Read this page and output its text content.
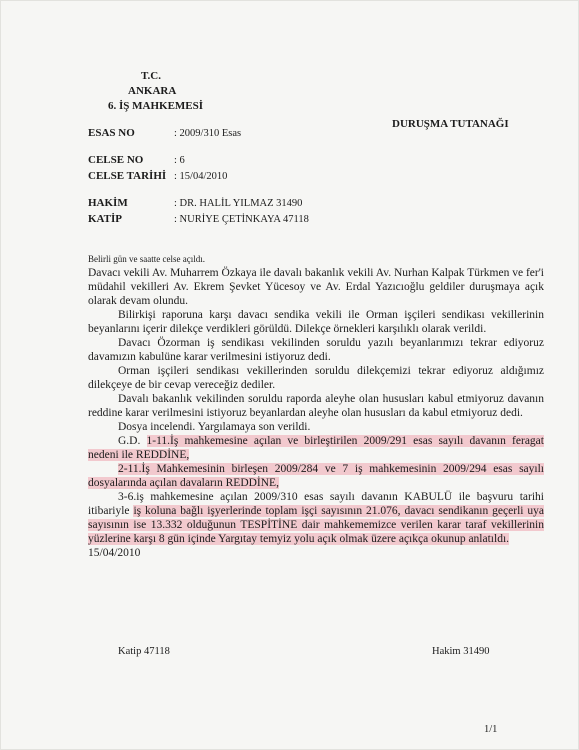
T.C.
ANKARA
6. İŞ MAHKEMESİ
DURUŞMA TUTANAĞI
ESAS NO	: 2009/310 Esas
CELSE NO	: 6
CELSE TARİHİ : 15/04/2010
HAKİM	: DR. HALİL YILMAZ 31490
KATİP	: NURİYE ÇETİNKAYA 47118

Belirli gün ve saatte celse açıldı.

Davacı vekili Av. Muharrem Özkaya ile davalı bakanlık vekili Av. Nurhan Kalpak Türkmen ve fer'i müdahil vekilleri Av. Ekrem Şevket Yücesoy ve Av. Erdal Yazıcıoğlu geldiler duruşmaya açık olarak devam olundu.

Bilirkişi raporuna karşı davacı sendika vekili ile Orman işçileri sendikası vekillerinin beyanlarını içerir dilekçe verdikleri görüldü. Dilekçe örnekleri karşılıklı olarak verildi.

Davacı Özorman iş sendikası vekilinden soruldu yazılı beyanlarımızı tekrar ediyoruz davamızın kabulüne karar verilmesini istiyoruz dedi.

Orman işçileri sendikası vekillerinden soruldu dilekçemizi tekrar ediyoruz aldığımız dilekçeye de bir cevap vereceğiz dediler.

Davalı bakanlık vekilinden soruldu raporda aleyhe olan hususları kabul etmiyoruz davanın reddine karar verilmesini istiyoruz beyanlardan aleyhe olan hususları da kabul etmiyoruz dedi.

Dosya incelendi. Yargılamaya son verildi.

G.D. 1-11.İş mahkemesine açılan ve birleştirilen 2009/291 esas sayılı davanın feragat nedeni ile REDDİNE,

2-11.İş Mahkemesinin birleşen 2009/284 ve 7 iş mahkemesinin 2009/294 esas sayılı dosyalarında açılan davaların REDDİNE,

3-6.iş mahkemesine açılan 2009/310 esas sayılı davanın KABULÜ ile başvuru tarihi itibariyle iş koluna bağlı işyerlerinde toplam işçi sayısının 21.076, davacı sendikanın geçerli uya sayısının ise 13.332 olduğunun TESPİTİNE dair mahkememizce verilen karar taraf vekillerinin yüzlerine karşı 8 gün içinde Yargıtay temyiz yolu açık olmak üzere açıkça okunup anlatıldı.

15/04/2010

Katip 47118	Hakim 31490
1/1
